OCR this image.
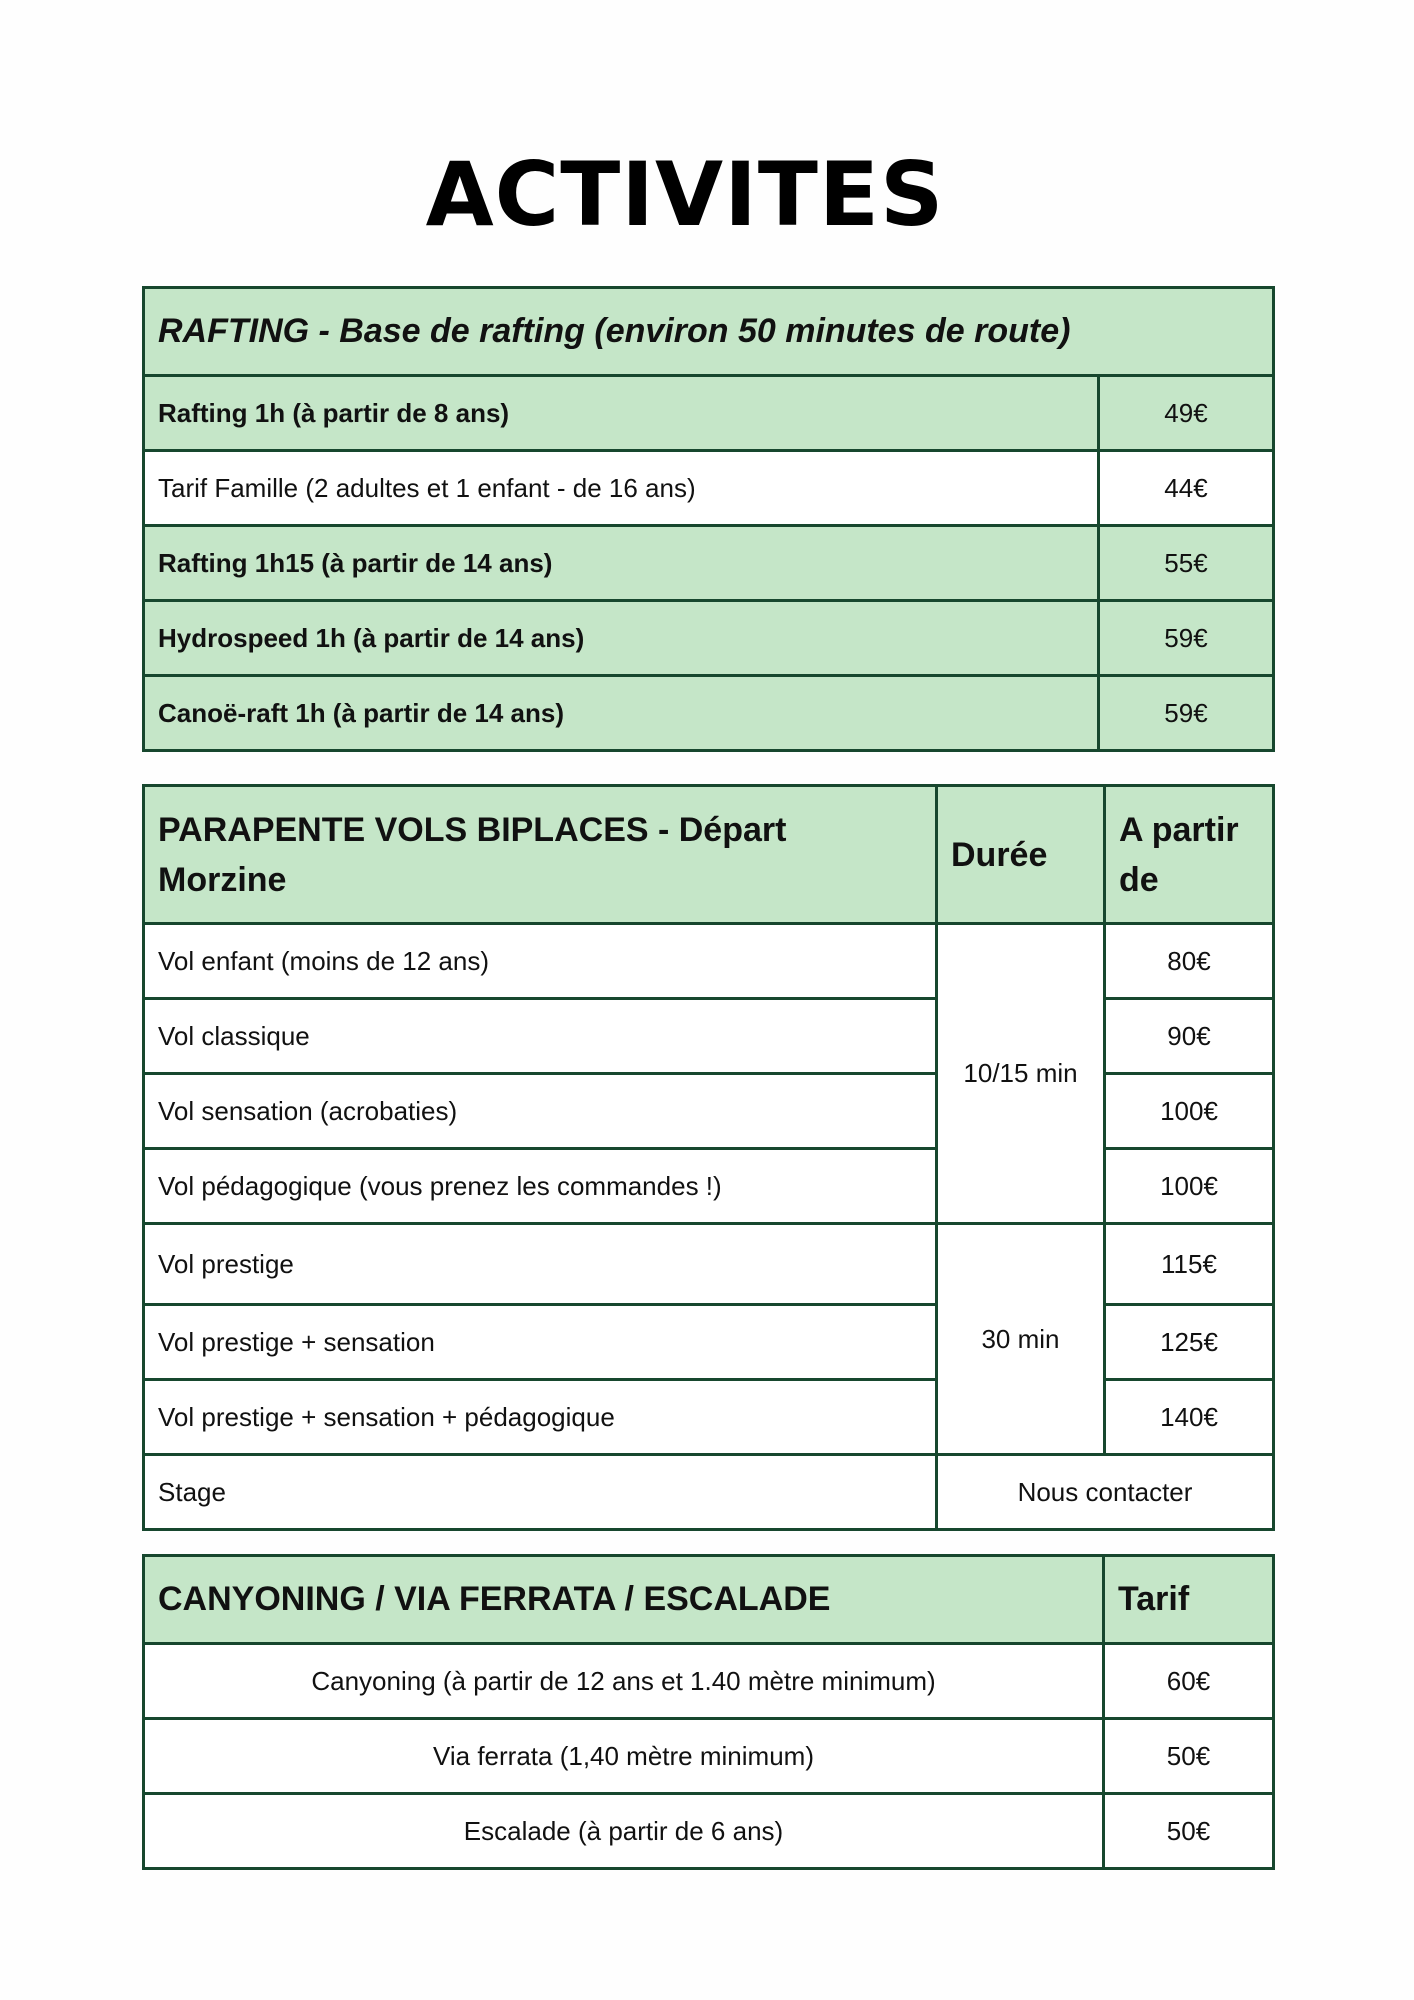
ACTIVITES
RAFTING - Base de rafting (environ 50 minutes de route)	
Rafting 1h (à partir de 8 ans)	49€
Tarif Famille (2 adultes et 1 enfant - de 16 ans)	44€
Rafting 1h15 (à partir de 14 ans)	55€
Hydrospeed 1h (à partir de 14 ans)	59€
Canoë-raft 1h (à partir de 14 ans)	59€
PARAPENTE VOLS BIPLACES - Départ Morzine	Durée	A partir de
Vol enfant (moins de 12 ans)	10/15 min	80€
Vol classique		90€
Vol sensation (acrobaties)		100€
Vol pédagogique (vous prenez les commandes !)		100€
Vol prestige	30 min	115€
Vol prestige + sensation		125€
Vol prestige + sensation + pédagogique		140€
Stage	Nous contacter	
CANYONING / VIA FERRATA / ESCALADE	Tarif
Canyoning (à partir de 12 ans et 1.40 mètre minimum)	60€
Via ferrata (1,40 mètre minimum)	50€
Escalade (à partir de 6 ans)	50€
